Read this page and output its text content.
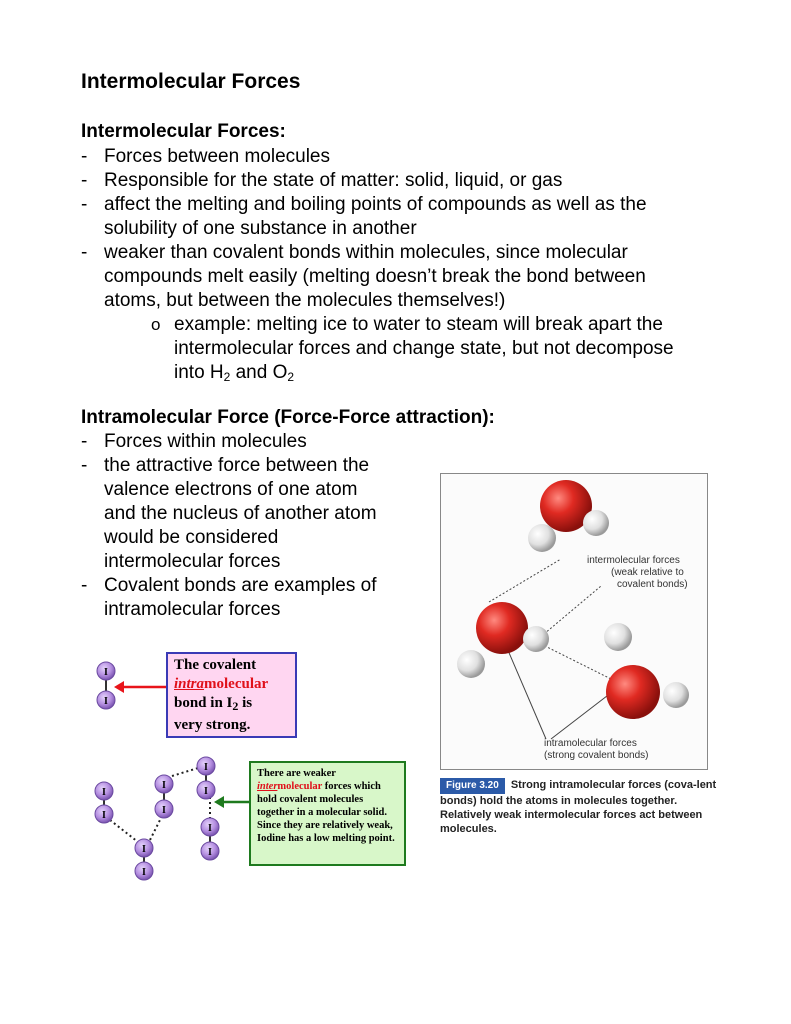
Intermolecular Forces
Intermolecular Forces:
- Forces between molecules
- Responsible for the state of matter: solid, liquid, or gas
- affect the melting and boiling points of compounds as well as the
solubility of one substance in another
- weaker than covalent bonds within molecules, since molecular
compounds melt easily (melting doesn’t break the bond between
atoms, but between the molecules themselves!)
o example: melting ice to water to steam will break apart the
intermolecular forces and change state, but not decompose
into $H_2$ and $O_2$
Intramolecular Force (Force-Force attraction):
- Forces within molecules
- the attractive force between the
valence electrons of one atom
and the nucleus of another atom
would be considered
intermolecular forces
- Covalent bonds are examples of
intramolecular forces
intermolecular forces
(weak relative to
covalent bonds)
intramolecular forces
(strong covalent bonds)
Figure 3.20 Strong intramolecular forces (cova-lent bonds) hold the atoms in molecules together. Relatively weak intermolecular forces act between molecules.
I
I
I
I
I
I
I
I
I
I
I
I
The covalent
intramolecular
bond in $I_2$ is
very strong.
There are weaker
intermolecular forces which hold covalent molecules together in a molecular solid. Since they are relatively weak, Iodine has a low melting point.
